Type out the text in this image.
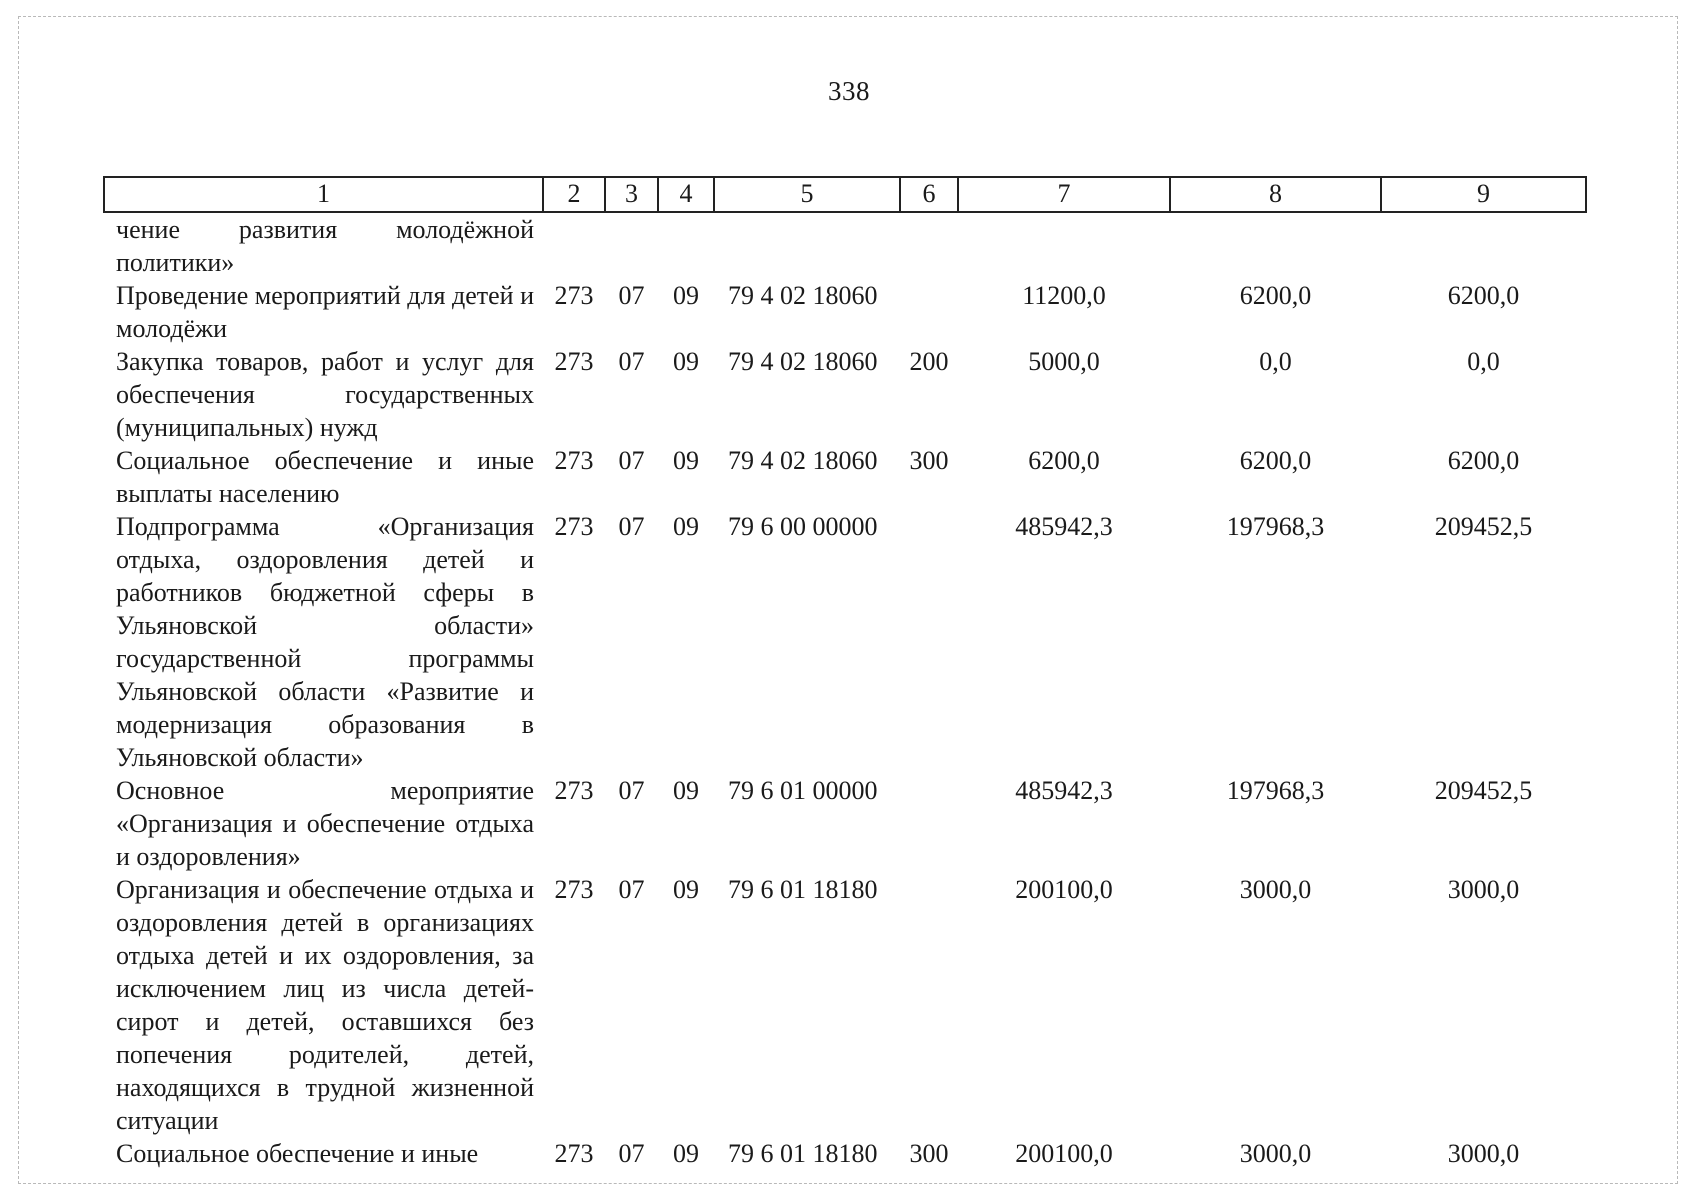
338
1	2	3	4	5	6	7	8	9
чение развития молодёжной политики»								
Проведение мероприятий для детей и молодёжи	273	07	09	79 4 02 18060		11200,0	6200,0	6200,0
Закупка товаров, работ и услуг для обеспечения государственных (муниципальных) нужд	273	07	09	79 4 02 18060	200	5000,0	0,0	0,0
Социальное обеспечение и иные выплаты населению	273	07	09	79 4 02 18060	300	6200,0	6200,0	6200,0
Подпрограмма «Организация отдыха, оздоровления детей и работников бюджетной сферы в Ульяновской области» государственной программы Ульяновской области «Развитие и модернизация образования в Ульяновской области»	273	07	09	79 6 00 00000		485942,3	197968,3	209452,5
Основное мероприятие «Организация и обеспечение отдыха и оздоровления»	273	07	09	79 6 01 00000		485942,3	197968,3	209452,5
Организация и обеспечение отдыха и оздоровления детей в организациях отдыха детей и их оздоровления, за исключением лиц из числа детей-сирот и детей, оставшихся без попечения родителей, детей, находящихся в трудной жизненной ситуации	273	07	09	79 6 01 18180		200100,0	3000,0	3000,0
Социальное обеспечение и иные	273	07	09	79 6 01 18180	300	200100,0	3000,0	3000,0
